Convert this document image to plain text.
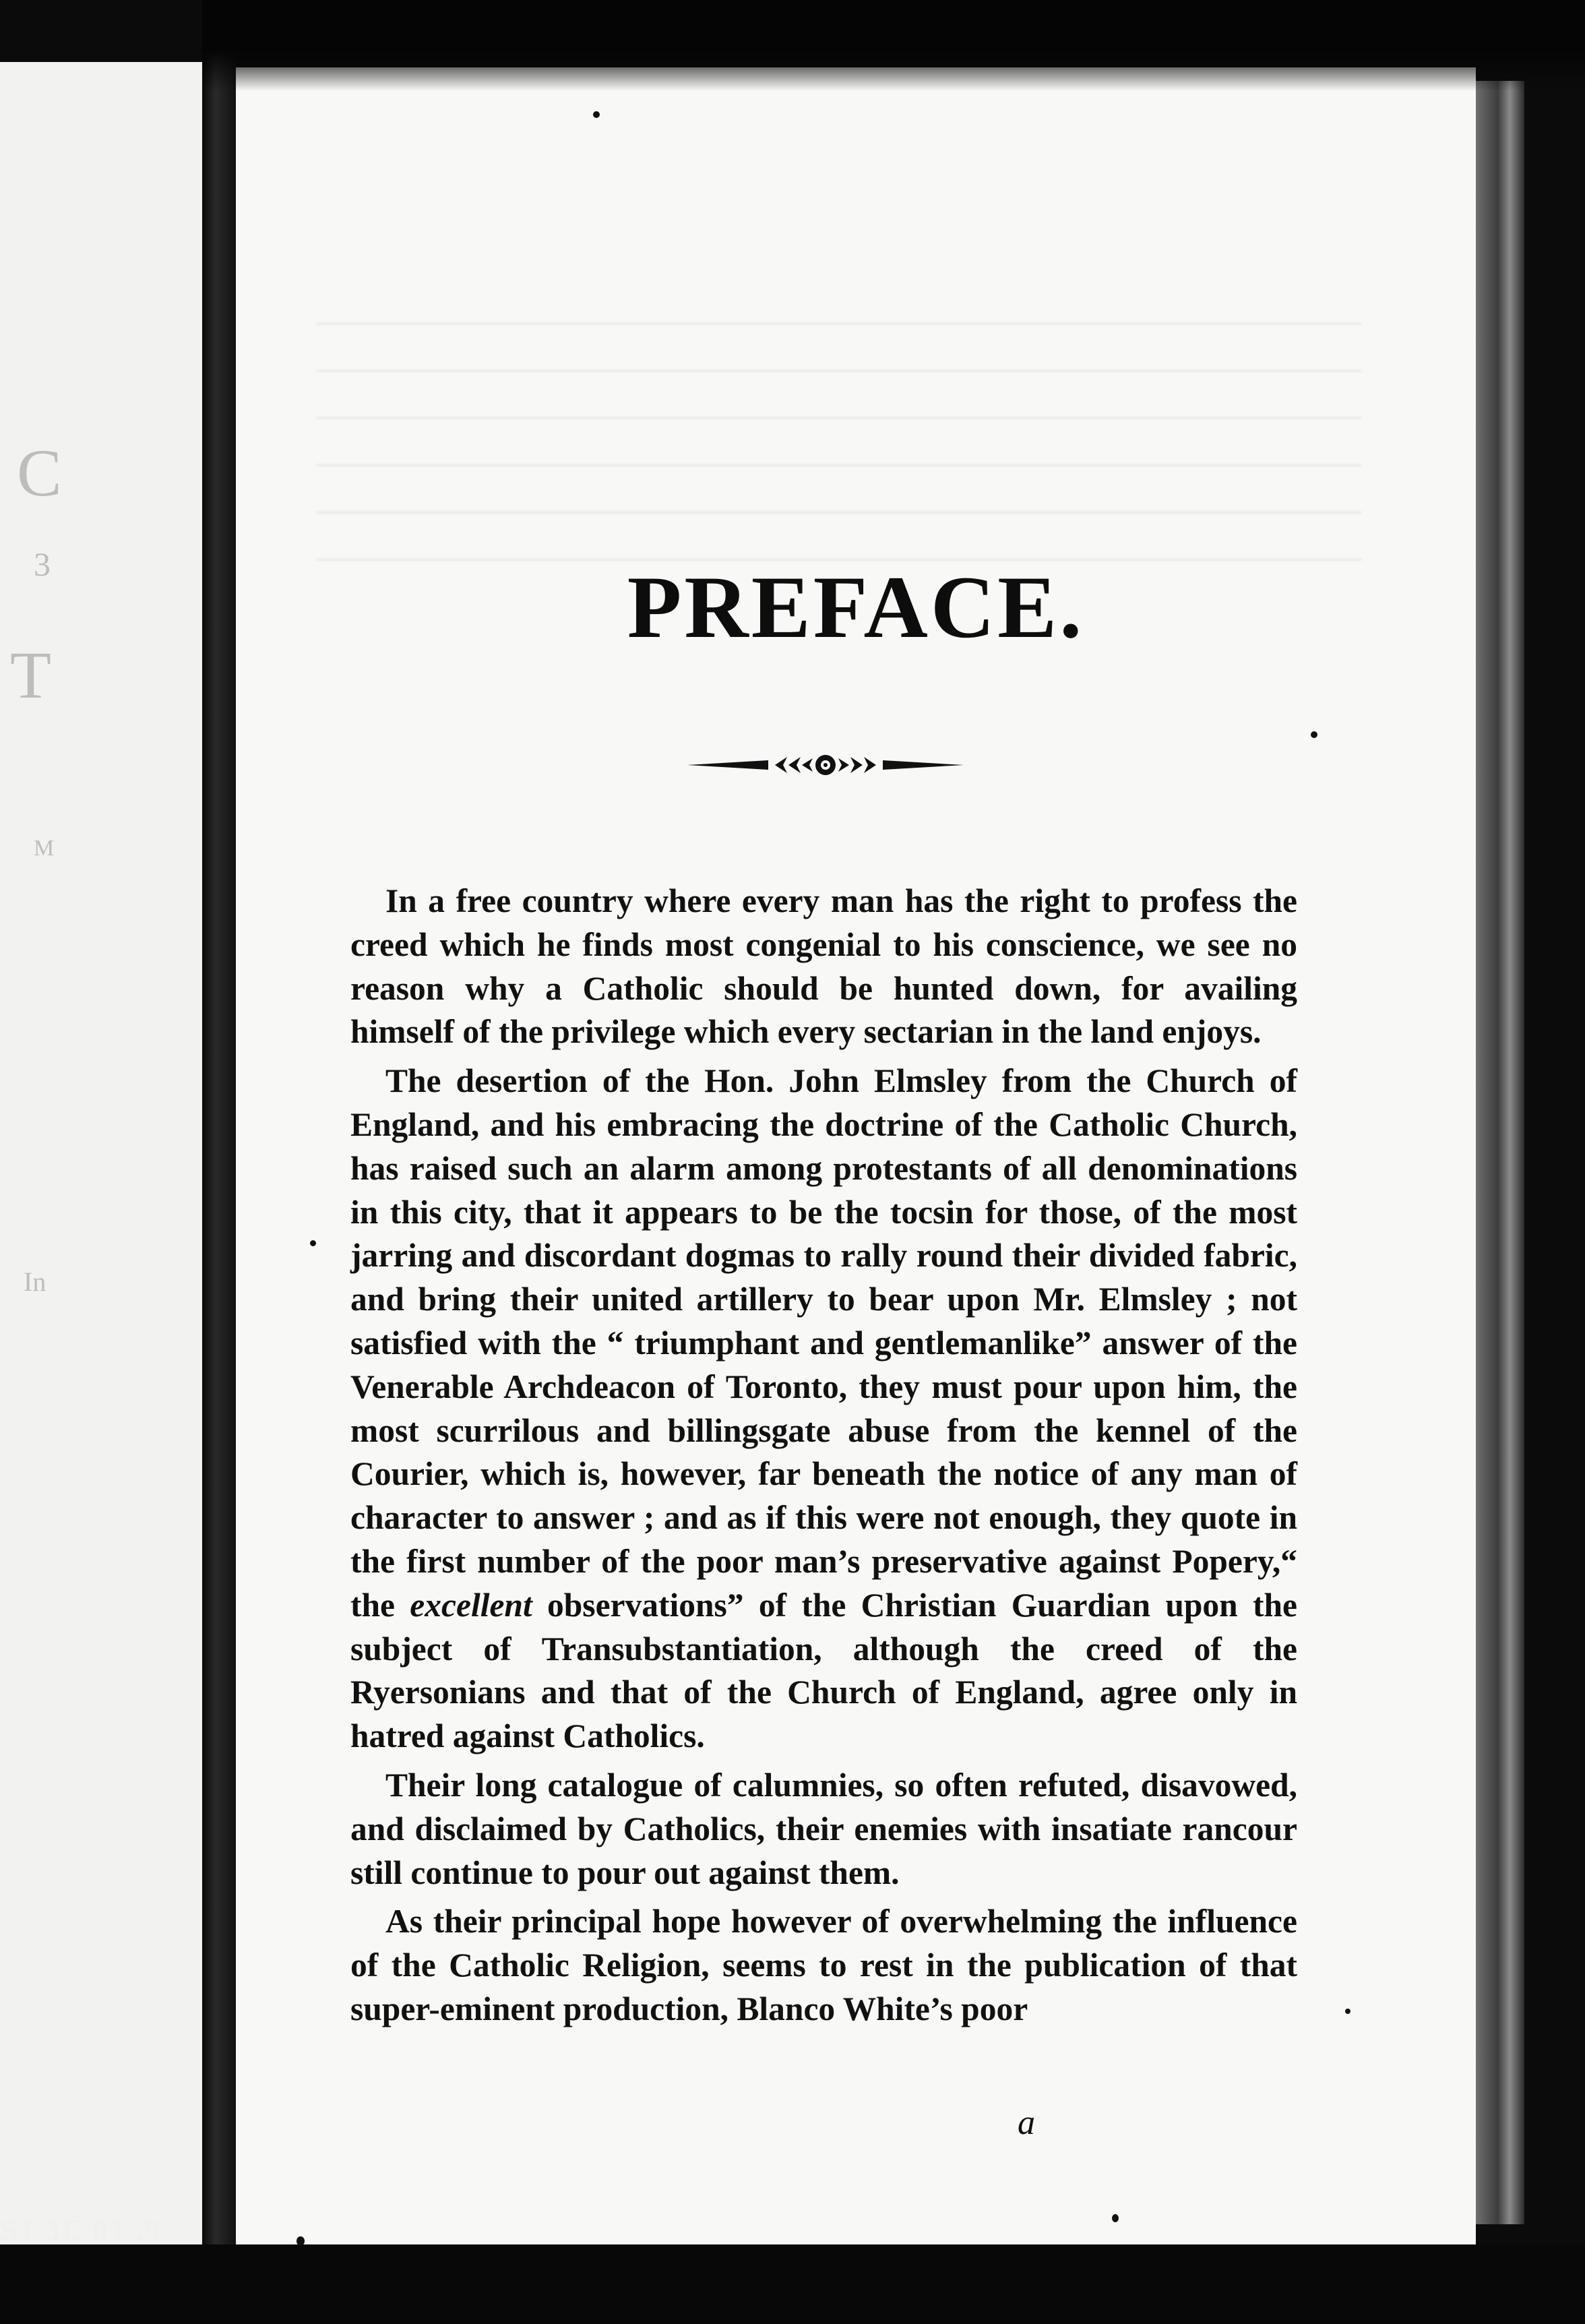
C
3
T
M
In

———————————————————————————————

———————————————————————————————

———————————————————————————————

———————————————————————————————

———————————————————————————————

———————————————————————————————

PREFACE.

In a free country where every man has the right to profess the creed which he finds most congenial to his conscience, we see no reason why a Catholic should be hunted down, for availing himself of the privilege which every sectarian in the land enjoys.

The desertion of the Hon. John Elmsley from the Church of England, and his embracing the doctrine of the Catholic Church, has raised such an alarm among protestants of all denominations in this city, that it appears to be the tocsin for those, of the most jarring and discordant dogmas to rally round their divided fabric, and bring their united artillery to bear upon Mr. Elmsley ; not satisfied with the “ triumphant and gentlemanlike” answer of the Venerable Archdeacon of Toronto, they must pour upon him, the most scurrilous and billingsgate abuse from the kennel of the Courier, which is, however, far beneath the notice of any man of character to answer ; and as if this were not enough, they quote in the first number of the poor man’s preservative against Popery,“ the excellent observations” of the Christian Guardian upon the subject of Transubstantiation, although the creed of the Ryersonians and that of the Church of England, agree only in hatred against Catholics.

Their long catalogue of calumnies, so often refuted, disavowed, and disclaimed by Catholics, their enemies with insatiate rancour still continue to pour out against them.

As their principal hope however of overwhelming the influence of the Catholic Religion, seems to rest in the publication of that super-eminent production, Blanco White’s poor

a
S1 3E 01 .9
